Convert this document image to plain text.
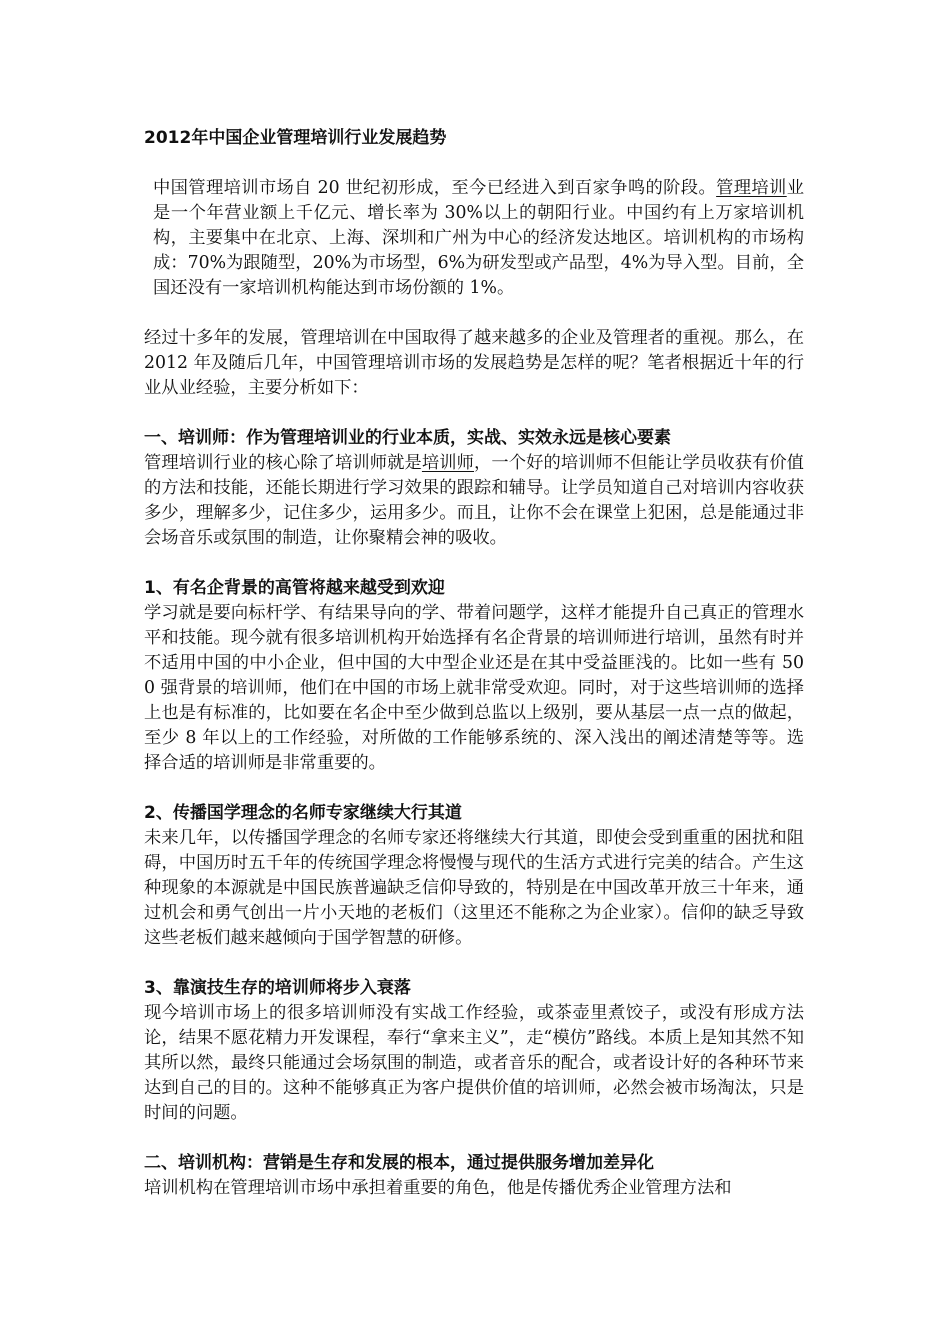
2012年中国企业管理培训行业发展趋势

中国管理培训市场自 20 世纪初形成，至今已经进入到百家争鸣的阶段。管理培训业是一个年营业额上千亿元、增长率为 30%以上的朝阳行业。中国约有上万家培训机构，主要集中在北京、上海、深圳和广州为中心的经济发达地区。培训机构的市场构成：70%为跟随型，20%为市场型，6%为研发型或产品型，4%为导入型。目前，全国还没有一家培训机构能达到市场份额的 1%。

经过十多年的发展，管理培训在中国取得了越来越多的企业及管理者的重视。那么，在 2012 年及随后几年，中国管理培训市场的发展趋势是怎样的呢？笔者根据近十年的行业从业经验，主要分析如下：

一、培训师：作为管理培训业的行业本质，实战、实效永远是核心要素

管理培训行业的核心除了培训师就是培训师，一个好的培训师不但能让学员收获有价值的方法和技能，还能长期进行学习效果的跟踪和辅导。让学员知道自己对培训内容收获多少，理解多少，记住多少，运用多少。而且，让你不会在课堂上犯困，总是能通过非会场音乐或氛围的制造，让你聚精会神的吸收。

1、有名企背景的高管将越来越受到欢迎

学习就是要向标杆学、有结果导向的学、带着问题学，这样才能提升自己真正的管理水平和技能。现今就有很多培训机构开始选择有名企背景的培训师进行培训，虽然有时并不适用中国的中小企业，但中国的大中型企业还是在其中受益匪浅的。比如一些有 500 强背景的培训师，他们在中国的市场上就非常受欢迎。同时，对于这些培训师的选择上也是有标准的，比如要在名企中至少做到总监以上级别，要从基层一点一点的做起，至少 8 年以上的工作经验，对所做的工作能够系统的、深入浅出的阐述清楚等等。选择合适的培训师是非常重要的。

2、传播国学理念的名师专家继续大行其道

未来几年，以传播国学理念的名师专家还将继续大行其道，即使会受到重重的困扰和阻碍，中国历时五千年的传统国学理念将慢慢与现代的生活方式进行完美的结合。产生这种现象的本源就是中国民族普遍缺乏信仰导致的，特别是在中国改革开放三十年来，通过机会和勇气创出一片小天地的老板们（这里还不能称之为企业家）。信仰的缺乏导致这些老板们越来越倾向于国学智慧的研修。

3、靠演技生存的培训师将步入衰落

现今培训市场上的很多培训师没有实战工作经验，或茶壶里煮饺子，或没有形成方法论，结果不愿花精力开发课程，奉行“拿来主义”，走“模仿”路线。本质上是知其然不知其所以然，最终只能通过会场氛围的制造，或者音乐的配合，或者设计好的各种环节来达到自己的目的。这种不能够真正为客户提供价值的培训师，必然会被市场淘汰，只是时间的问题。

二、培训机构：营销是生存和发展的根本，通过提供服务增加差异化

培训机构在管理培训市场中承担着重要的角色，他是传播优秀企业管理方法和
